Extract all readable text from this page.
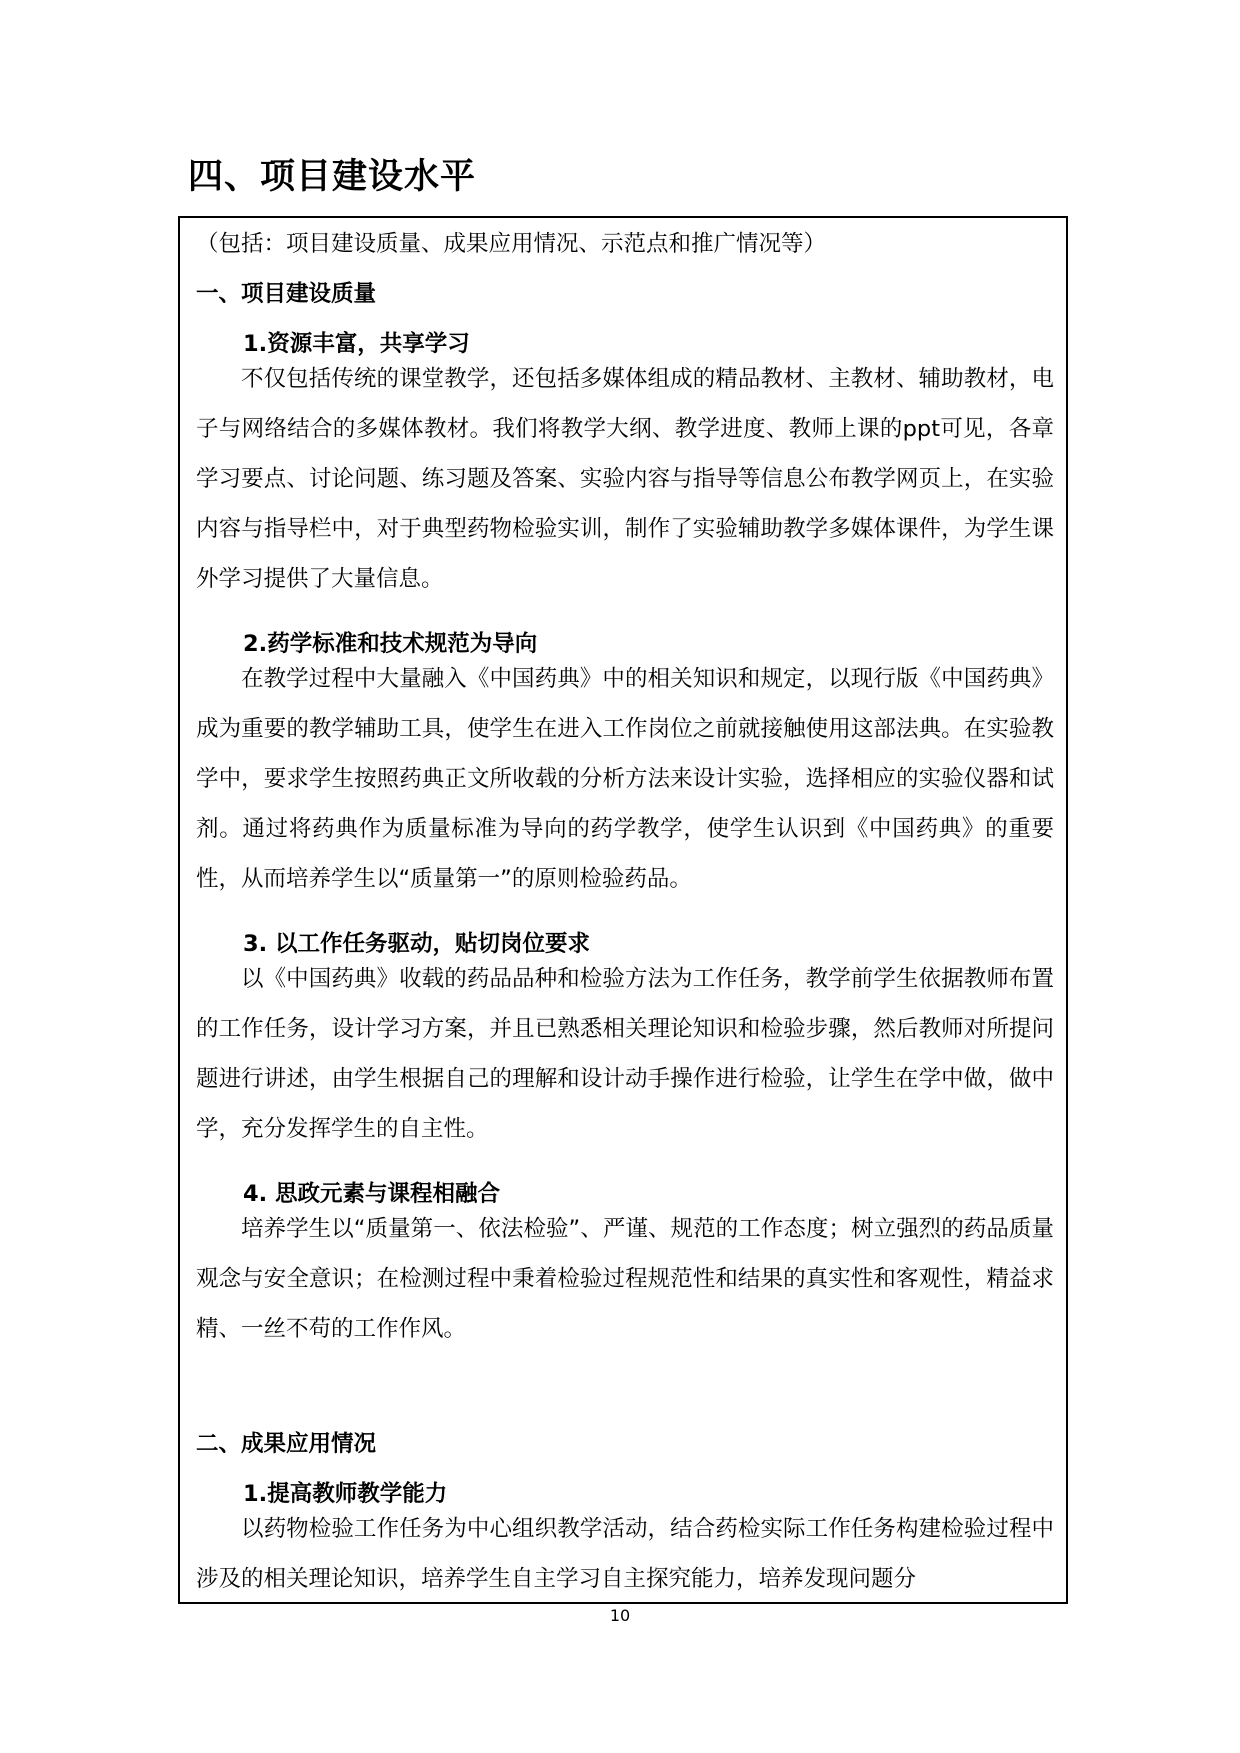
四、项目建设水平

（包括：项目建设质量、成果应用情况、示范点和推广情况等）

一、项目建设质量

1.资源丰富，共享学习

不仅包括传统的课堂教学，还包括多媒体组成的精品教材、主教材、辅助教材，电子与网络结合的多媒体教材。我们将教学大纲、教学进度、教师上课的ppt可见，各章学习要点、讨论问题、练习题及答案、实验内容与指导等信息公布教学网页上，在实验内容与指导栏中，对于典型药物检验实训，制作了实验辅助教学多媒体课件，为学生课外学习提供了大量信息。

2.药学标准和技术规范为导向

在教学过程中大量融入《中国药典》中的相关知识和规定，以现行版《中国药典》成为重要的教学辅助工具，使学生在进入工作岗位之前就接触使用这部法典。在实验教学中，要求学生按照药典正文所收载的分析方法来设计实验，选择相应的实验仪器和试剂。通过将药典作为质量标准为导向的药学教学，使学生认识到《中国药典》的重要性，从而培养学生以“质量第一”的原则检验药品。

3. 以工作任务驱动，贴切岗位要求

以《中国药典》收载的药品品种和检验方法为工作任务，教学前学生依据教师布置的工作任务，设计学习方案，并且已熟悉相关理论知识和检验步骤，然后教师对所提问题进行讲述，由学生根据自己的理解和设计动手操作进行检验，让学生在学中做，做中学，充分发挥学生的自主性。

4. 思政元素与课程相融合

培养学生以“质量第一、依法检验”、严谨、规范的工作态度；树立强烈的药品质量观念与安全意识；在检测过程中秉着检验过程规范性和结果的真实性和客观性，精益求精、一丝不苟的工作作风。

二、成果应用情况

1.提高教师教学能力

以药物检验工作任务为中心组织教学活动，结合药检实际工作任务构建检验过程中涉及的相关理论知识，培养学生自主学习自主探究能力，培养发现问题分

10
